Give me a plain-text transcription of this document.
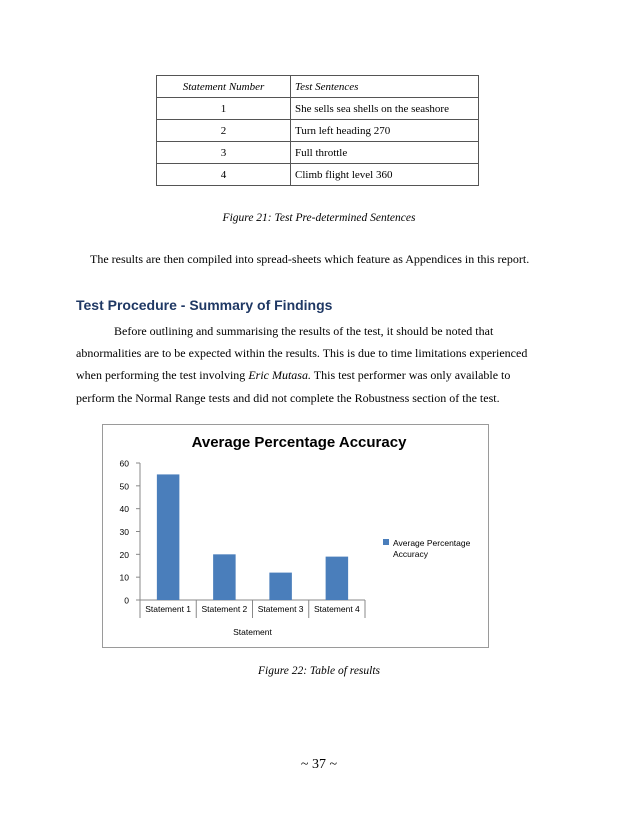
Statement Number	Test Sentences
1	She sells sea shells on the seashore
2	Turn left heading 270
3	Full throttle
4	Climb flight level 360
Figure 21: Test Pre-determined Sentences
The results are then compiled into spread-sheets which feature as Appendices in this report.
Test Procedure - Summary of Findings
Before outlining and summarising the results of the test, it should be noted that
abnormalities are to be expected within the results. This is due to time limitations experienced
when performing the test involving Eric Mutasa. This test performer was only available to
perform the Normal Range tests and did not complete the Robustness section of the test.
Average Percentage Accuracy
0
10
20
30
40
50
60
Statement 1 Statement 2 Statement 3 Statement 4
Statement
Average Percentage
Accuracy
Figure 22: Table of results
~ 37 ~
